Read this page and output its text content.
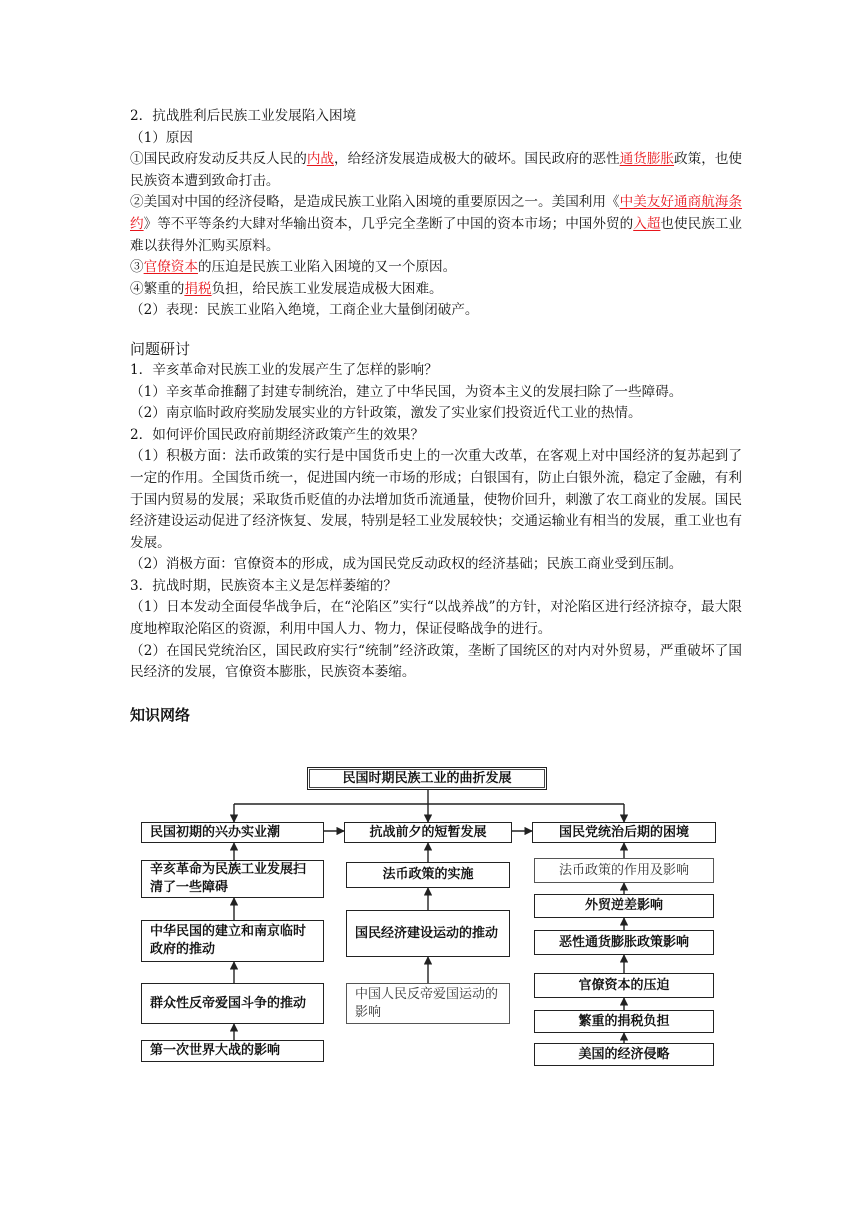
2．抗战胜利后民族工业发展陷入困境

（1）原因

①国民政府发动反共反人民的内战，给经济发展造成极大的破坏。国民政府的恶性通货膨胀政策，也使民族资本遭到致命打击。

②美国对中国的经济侵略，是造成民族工业陷入困境的重要原因之一。美国利用《中美友好通商航海条约》等不平等条约大肆对华输出资本，几乎完全垄断了中国的资本市场；中国外贸的入超也使民族工业难以获得外汇购买原料。

③官僚资本的压迫是民族工业陷入困境的又一个原因。

④繁重的捐税负担，给民族工业发展造成极大困难。

（2）表现：民族工业陷入绝境，工商企业大量倒闭破产。

问题研讨

1．辛亥革命对民族工业的发展产生了怎样的影响？

（1）辛亥革命推翻了封建专制统治，建立了中华民国，为资本主义的发展扫除了一些障碍。

（2）南京临时政府奖励发展实业的方针政策，激发了实业家们投资近代工业的热情。

2．如何评价国民政府前期经济政策产生的效果？

（1）积极方面：法币政策的实行是中国货币史上的一次重大改革，在客观上对中国经济的复苏起到了一定的作用。全国货币统一，促进国内统一市场的形成；白银国有，防止白银外流，稳定了金融，有利于国内贸易的发展；采取货币贬值的办法增加货币流通量，使物价回升，刺激了农工商业的发展。国民经济建设运动促进了经济恢复、发展，特别是轻工业发展较快；交通运输业有相当的发展，重工业也有发展。

（2）消极方面：官僚资本的形成，成为国民党反动政权的经济基础；民族工商业受到压制。

3．抗战时期，民族资本主义是怎样萎缩的？

（1）日本发动全面侵华战争后，在“沦陷区”实行“以战养战”的方针，对沦陷区进行经济掠夺，最大限度地榨取沦陷区的资源，利用中国人力、物力，保证侵略战争的进行。

（2）在国民党统治区，国民政府实行“统制”经济政策，垄断了国统区的对内对外贸易，严重破坏了国民经济的发展，官僚资本膨胀，民族资本萎缩。

知识网络

民国时期民族工业的曲折发展
民国初期的兴办实业潮
辛亥革命为民族工业发展扫清了一些障碍
中华民国的建立和南京临时政府的推动
群众性反帝爱国斗争的推动
第一次世界大战的影响
抗战前夕的短暂发展
法币政策的实施
国民经济建设运动的推动
中国人民反帝爱国运动的影响
国民党统治后期的困境
法币政策的作用及影响
外贸逆差影响
恶性通货膨胀政策影响
官僚资本的压迫
繁重的捐税负担
美国的经济侵略
